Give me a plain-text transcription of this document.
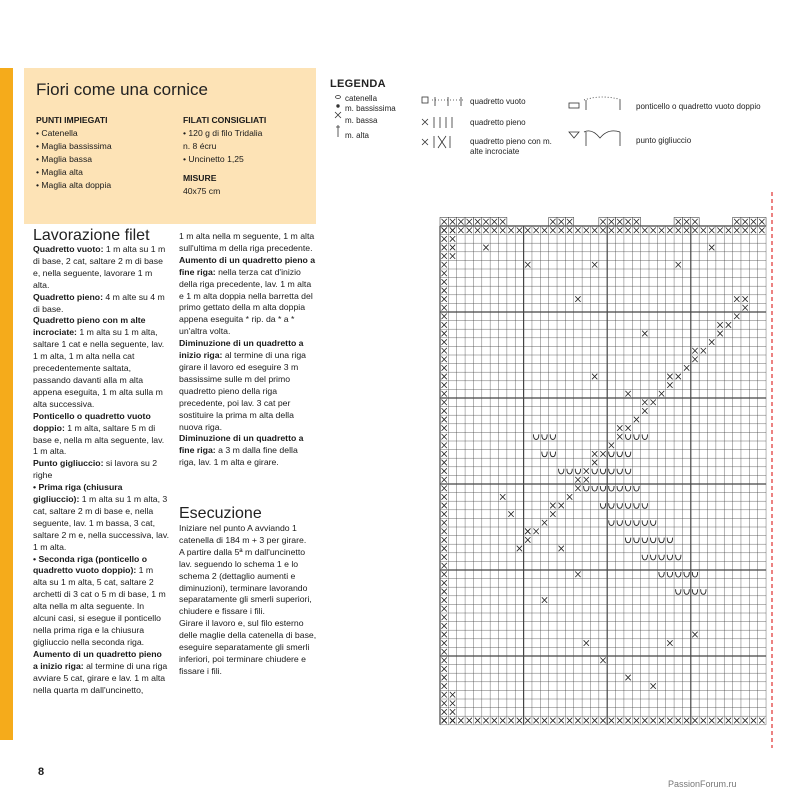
Fiori come una cornice
PUNTI IMPIEGATI
• Catenella
• Maglia bassissima
• Maglia bassa
• Maglia alta
• Maglia alta doppia
FILATI CONSIGLIATI
• 120 g di filo Tridalia
n. 8 écru
• Uncinetto 1,25
MISURE
40x75 cm
Lavorazione filet

Quadretto vuoto: 1 m alta su 1 m di base, 2 cat, saltare 2 m di base e, nella seguente, lavorare 1 m alta.

Quadretto pieno: 4 m alte su 4 m di base.

Quadretto pieno con m alte incrociate: 1 m alta su 1 m alta, saltare 1 cat e nella seguente, lav. 1 m alta, 1 m alta nella cat precedentemente saltata, passando davanti alla m alta appena eseguita, 1 m alta sulla m alta successiva.

Ponticello o quadretto vuoto doppio: 1 m alta, saltare 5 m di base e, nella m alta seguente, lav. 1 m alta.

Punto gigliuccio: si lavora su 2 righe

• Prima riga (chiusura gigliuccio): 1 m alta su 1 m alta, 3 cat, saltare 2 m di base e, nella seguente, lav. 1 m bassa, 3 cat, saltare 2 m e, nella successiva, lav. 1 m alta.

• Seconda riga (ponticello o quadretto vuoto doppio): 1 m alta su 1 m alta, 5 cat, saltare 2 archetti di 3 cat o 5 m di base, 1 m alta nella m alta seguente. In alcuni casi, si esegue il ponticello nella prima riga e la chiusura gigliuccio nella seconda riga.

Aumento di un quadretto pieno a inizio riga: al termine di una riga avviare 5 cat, girare e lav. 1 m alta nella quarta m dall'uncinetto,

1 m alta nella m seguente, 1 m alta sull'ultima m della riga precedente.

Aumento di un quadretto pieno a fine riga: nella terza cat d'inizio della riga precedente, lav. 1 m alta e 1 m alta doppia nella barretta del primo gettato della m alta doppia appena eseguita * rip. da * a * un'altra volta.

Diminuzione di un quadretto a inizio riga: al termine di una riga girare il lavoro ed eseguire 3 m bassissime sulle m del primo quadretto pieno della riga precedente, poi lav. 3 cat per sostituire la prima m alta della nuova riga.

Diminuzione di un quadretto a fine riga: a 3 m dalla fine della riga, lav. 1 m alta e girare.

Esecuzione

Iniziare nel punto A avviando 1 catenella di 184 m + 3 per girare.

A partire dalla 5ª m dall'uncinetto lav. seguendo lo schema 1 e lo schema 2 (dettaglio aumenti e diminuzioni), terminare lavorando separatamente gli smerli superiori, chiudere e fissare i fili.

Girare il lavoro e, sul filo esterno delle maglie della catenella di base, eseguire separatamente gli smerli inferiori, poi terminare chiudere e fissare i fili.

LEGENDA
catenella
m. bassissima
m. bassa
m. alta
quadretto vuoto
quadretto pieno
quadretto pieno con m. alte incrociate
ponticello o quadretto vuoto doppio
punto gigliuccio
8
PassionForum.ru
